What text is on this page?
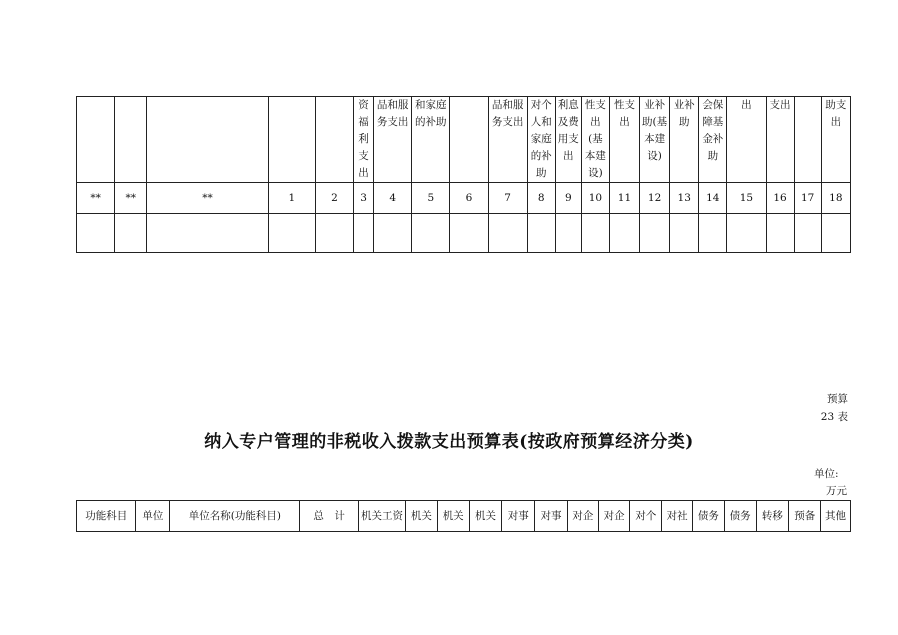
					资福利支出	品和服务支出	和家庭的补助		品和服务支出	对个人和家庭的补助	利息及费用支出	性支出(基本建设)	性支出	业补助(基本建设)	业补助	会保障基金补助	出	支出		助支出

**	**	**	1	2	3	4	5	6	7	8	9	10	11	12	13	14	15	16	17	18

预算
23 表
纳入专户管理的非税收入拨款支出预算表(按政府预算经济分类)
单位:
万元
功能科目	单位	单位名称(功能科目)	总　计	机关工资	机关	机关	机关	对事	对事	对企	对企	对个	对社	债务	债务	转移	预备	其他
